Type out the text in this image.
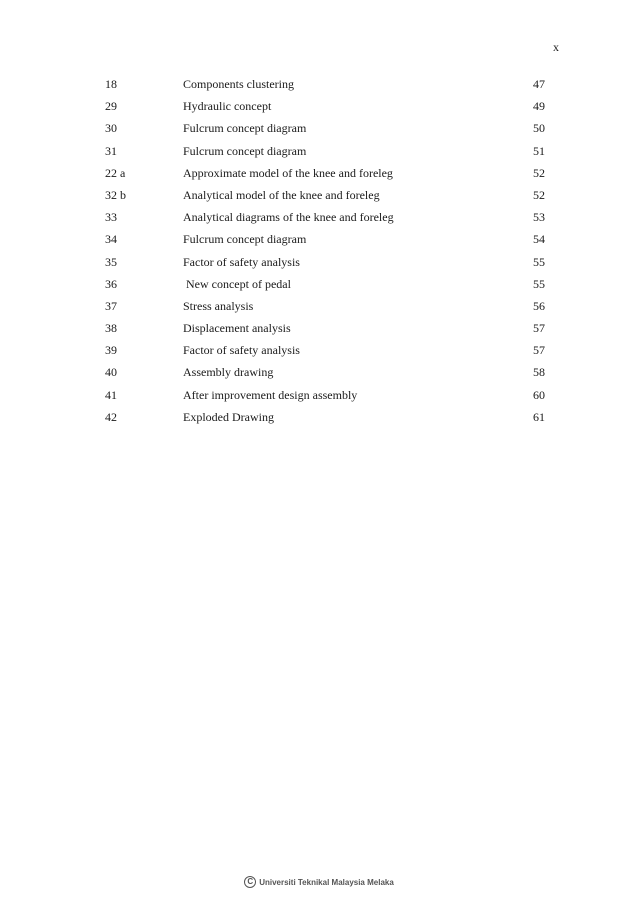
x
18	Components clustering	47
29	Hydraulic concept	49
30	Fulcrum concept diagram	50
31	Fulcrum concept diagram	51
22 a	Approximate model of the knee and foreleg	52
32 b	Analytical model of the knee and foreleg	52
33	Analytical diagrams of the knee and foreleg	53
34	Fulcrum concept diagram	54
35	Factor of safety analysis	55
36	New concept of pedal	55
37	Stress analysis	56
38	Displacement analysis	57
39	Factor of safety analysis	57
40	Assembly drawing	58
41	After improvement design assembly	60
42	Exploded Drawing	61
C Universiti Teknikal Malaysia Melaka
